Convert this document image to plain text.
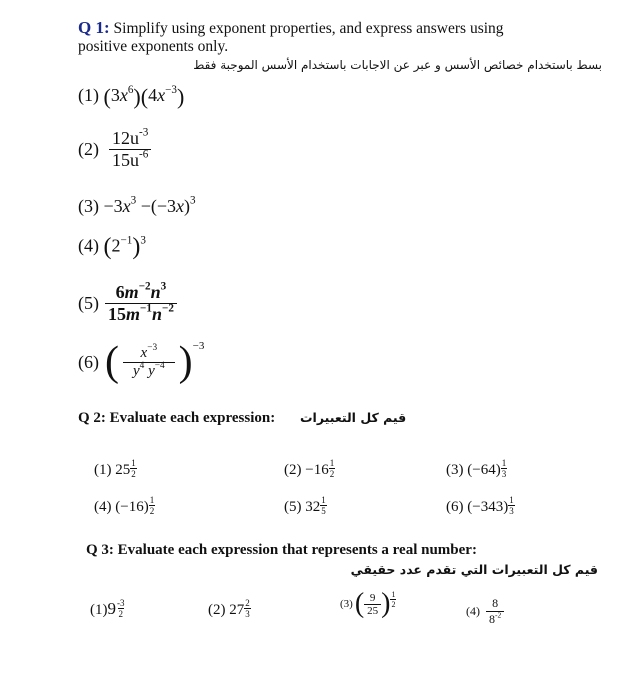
Q 1: Simplify using exponent properties, and express answers using
positive exponents only.
بسط باستخدام خصائص الأسس و عبر عن الاجابات باستخدام الأسس الموجبة فقط
(1) $(3x^6)(4x^{-3})$
$(2) \frac{12u^{-3}}{15u^{-6}}$
$(3) -3x^3 -(-3x)^3$
(4) $(2^{-1})^3$
$(5) \frac{6m^{-2}n^3}{15m^{-1}n^{-2}}$
(6) ( $\frac{x^{-3}}{y^4 y^{-4}}$ ) −3
Q 2: Evaluate each expression: قيم كل التعبيرات
(1) $25 \frac{1}{2}$	$(2) -16 \frac{1}{2}$	(3) $(-64) \frac{1}{3}$
(4) $(-16) \frac{1}{2}$	(5) $32 \frac{1}{5}$	(6) $(-343) \frac{1}{3}$
Q 3: Evaluate each expression that represents a real number:
قيم كل التعبيرات التي تقدم عدد حقيقي
$(1)9 \frac{-3}{2}$	(2) $27 \frac{2}{3}$	(3) ( $\frac{9}{25}$ ) $\frac{1}{2}$
$(4) \frac{8}{8^{-2}}$
